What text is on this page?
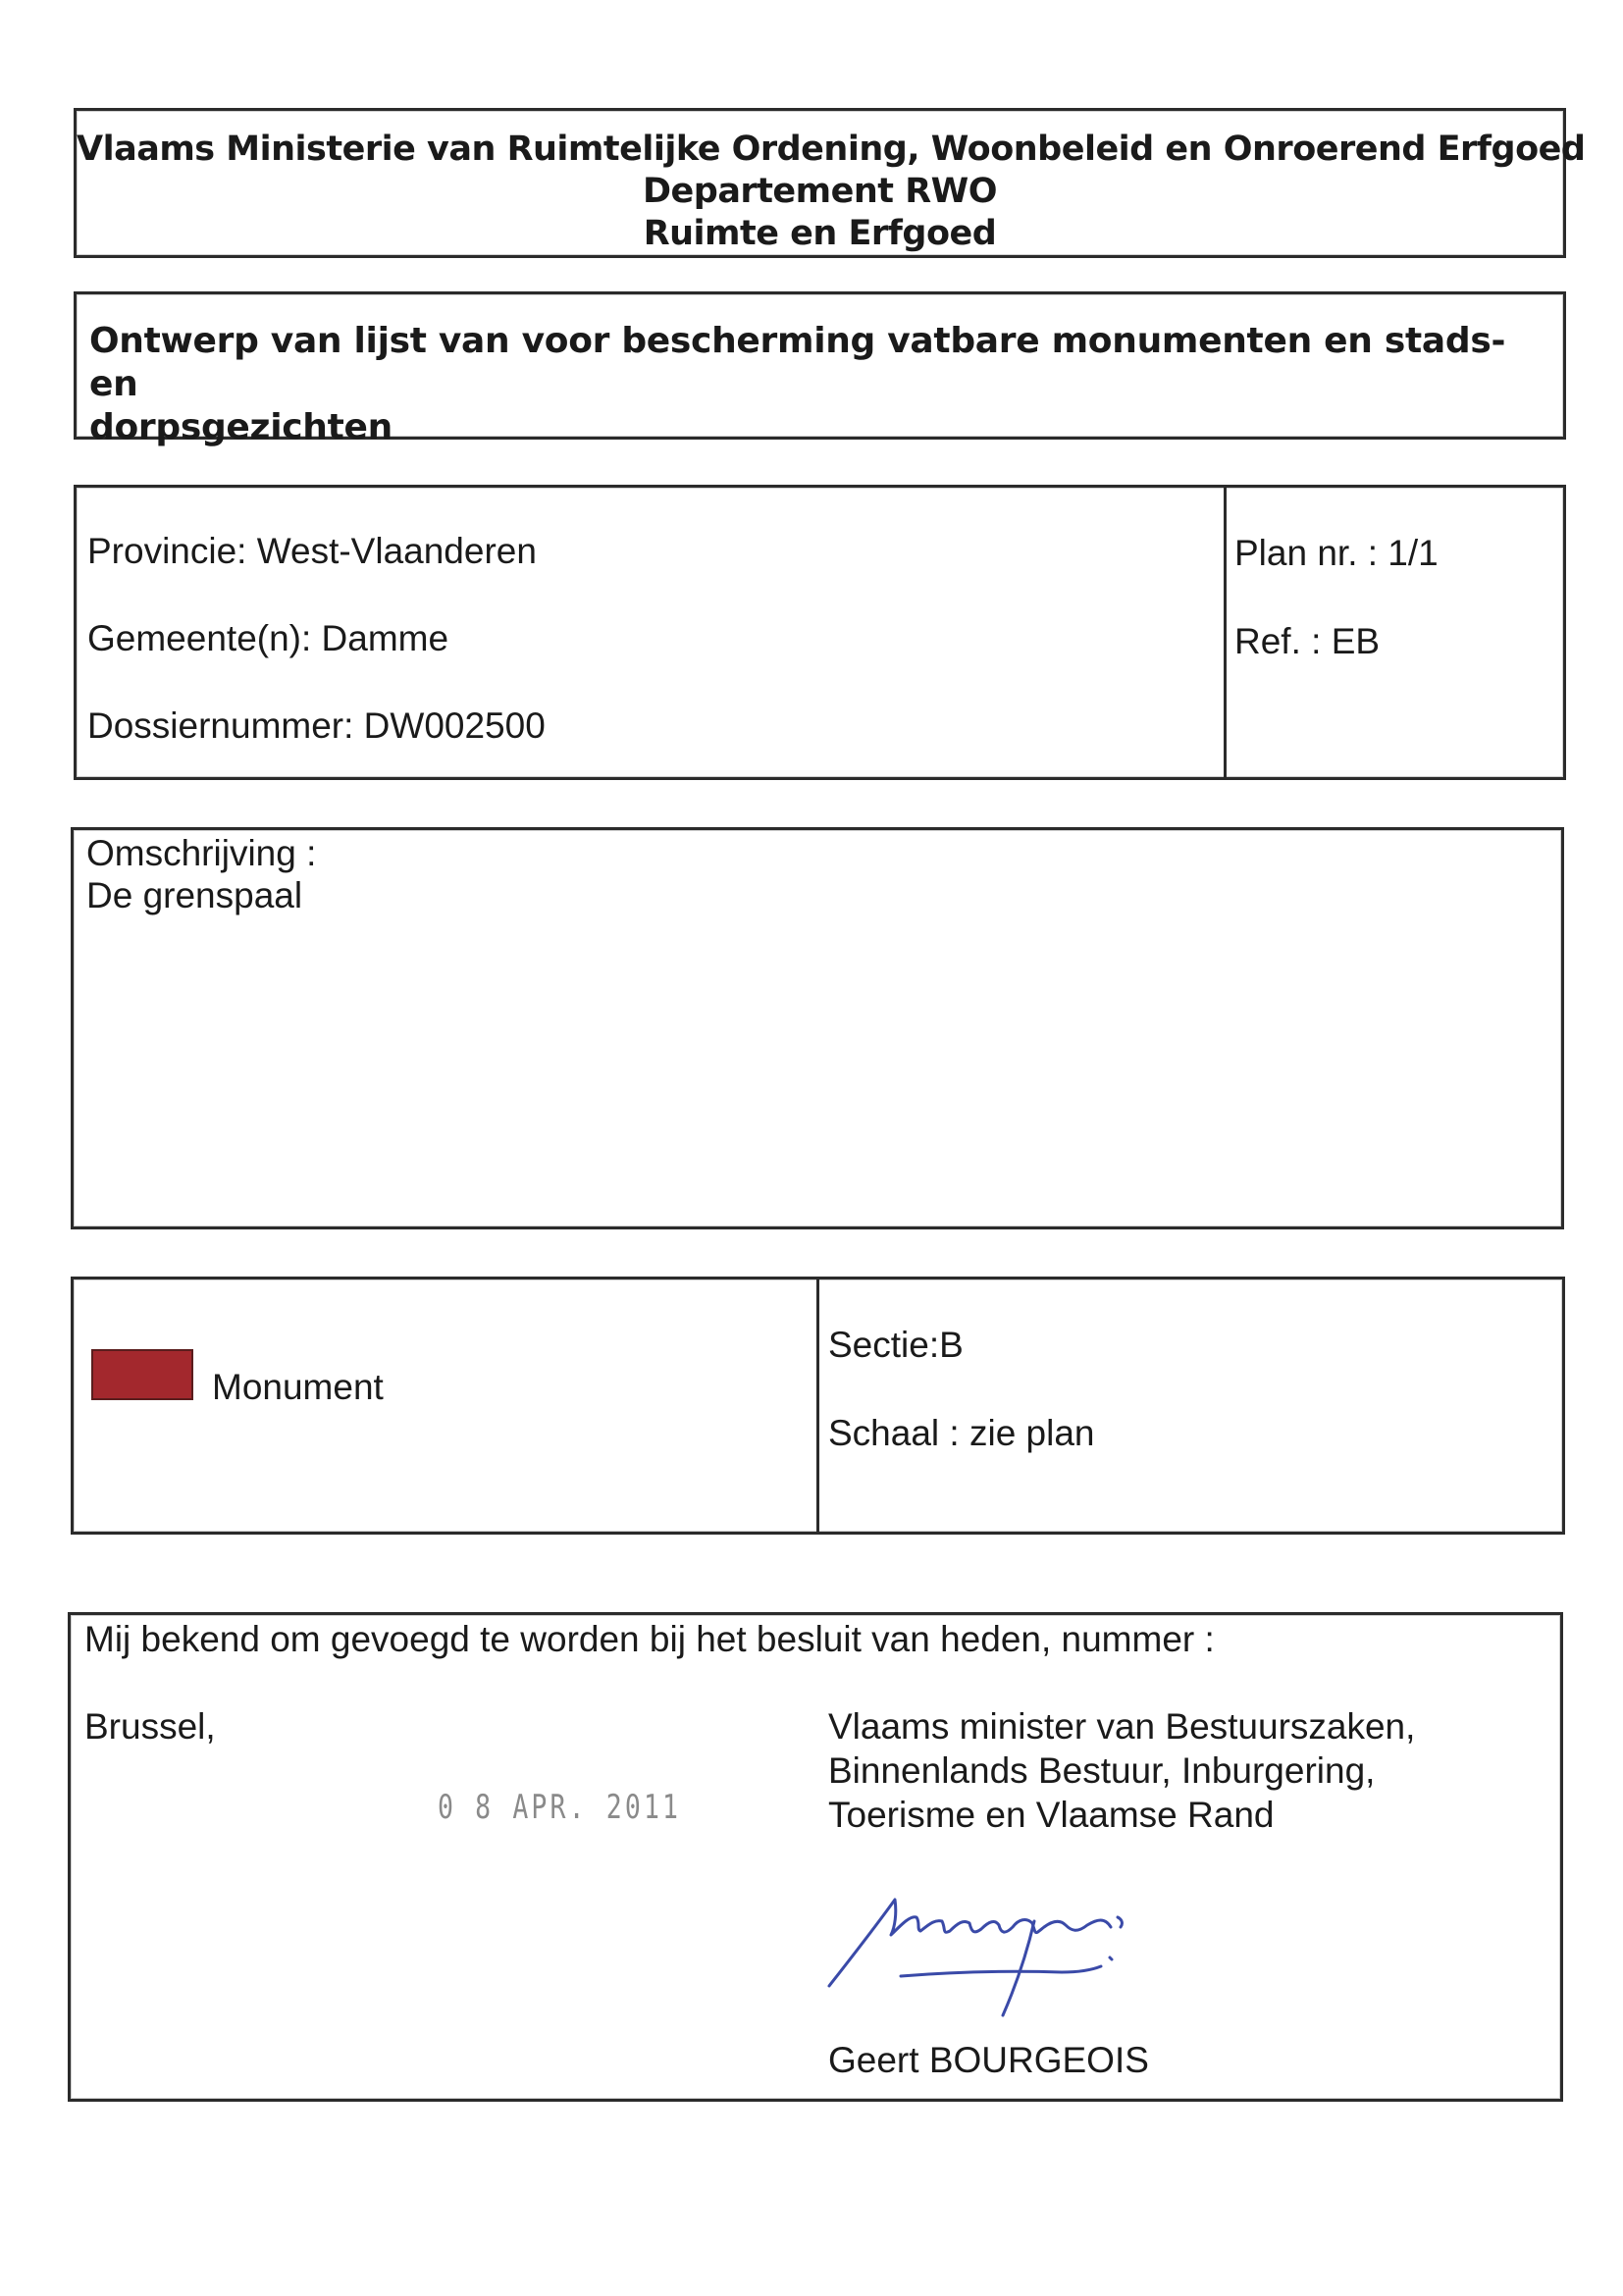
Vlaams Ministerie van Ruimtelijke Ordening, Woonbeleid en Onroerend Erfgoed
Departement RWO
Ruimte en Erfgoed
Ontwerp van lijst van voor bescherming vatbare monumenten en stads- en
dorpsgezichten
Provincie: West-Vlaanderen
Gemeente(n): Damme
Dossiernummer: DW002500
Plan nr. : 1/1
Ref. : EB
Omschrijving :
De grenspaal
Monument
Sectie:B
Schaal : zie plan
Mij bekend om gevoegd te worden bij het besluit van heden, nummer :
Brussel,
0 8 APR. 2011
Vlaams minister van Bestuurszaken,
Binnenlands Bestuur, Inburgering,
Toerisme en Vlaamse Rand
Geert BOURGEOIS
